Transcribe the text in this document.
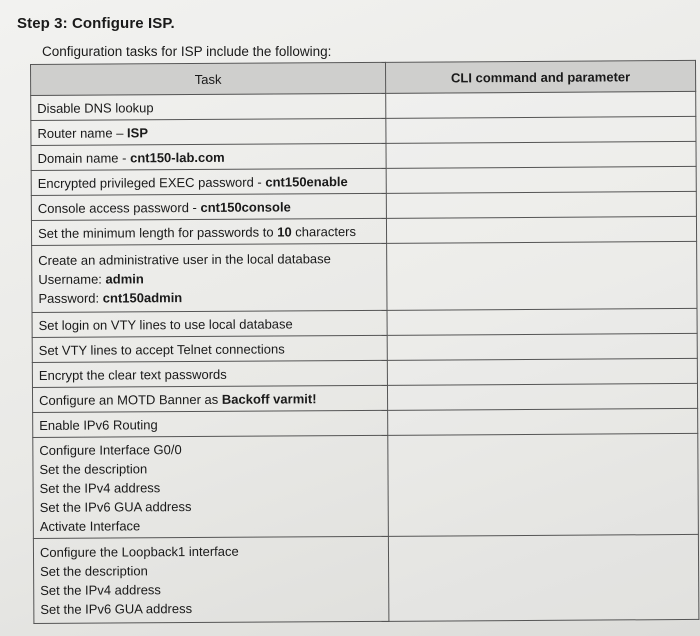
Step 3: Configure ISP.
Configuration tasks for ISP include the following:
Task	CLI command and parameter

Disable DNS lookup	

Router name – ISP	

Domain name - cnt150-lab.com	

Encrypted privileged EXEC password - cnt150enable	

Console access password - cnt150console	

Set the minimum length for passwords to 10 characters	

Create an administrative user in the local database
Username: admin
Password: cnt150admin	

Set login on VTY lines to use local database	

Set VTY lines to accept Telnet connections	

Encrypt the clear text passwords	

Configure an MOTD Banner as Backoff varmit!	

Enable IPv6 Routing	

Configure Interface G0/0
Set the description
Set the IPv4 address
Set the IPv6 GUA address
Activate Interface	

Configure the Loopback1 interface
Set the description
Set the IPv4 address
Set the IPv6 GUA address	
